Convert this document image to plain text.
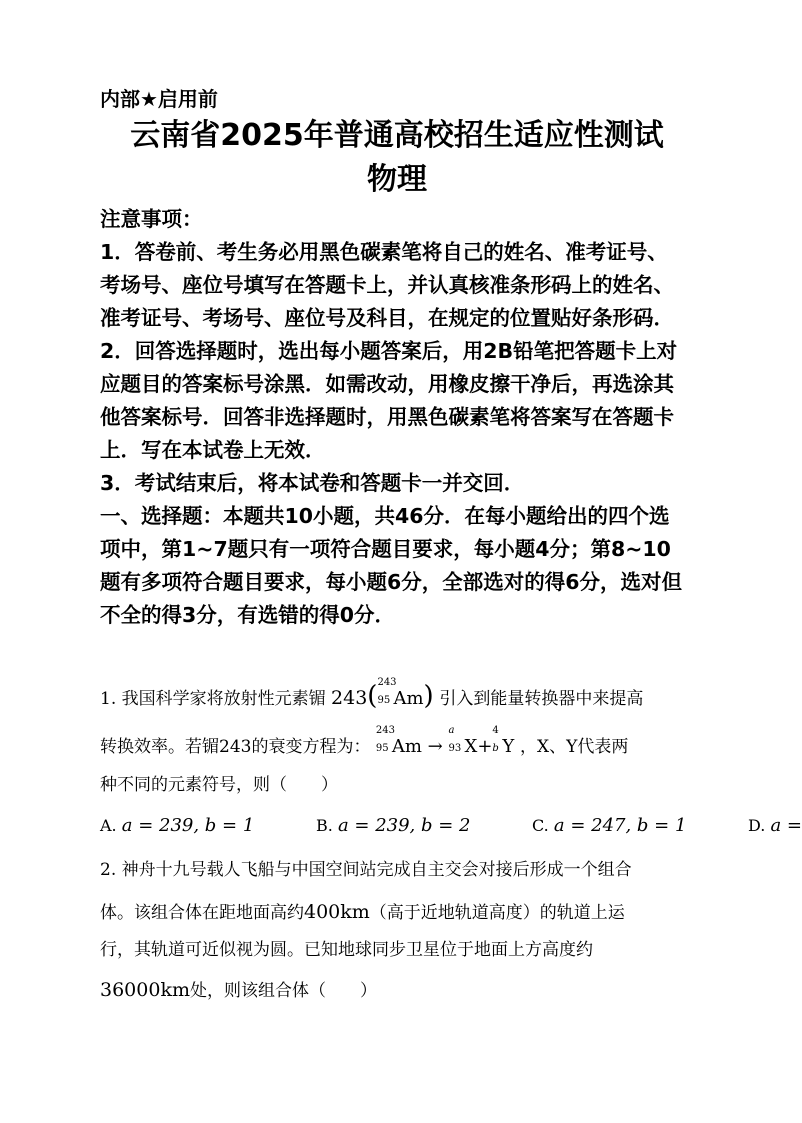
内部★启用前
云南省2025年普通高校招生适应性测试
物理

注意事项：

1．答卷前、考生务必用黑色碳素笔将自己的姓名、准考证号、考场号、座位号填写在答题卡上，并认真核准条形码上的姓名、准考证号、考场号、座位号及科目，在规定的位置贴好条形码．

2．回答选择题时，选出每小题答案后，用2B铅笔把答题卡上对应题目的答案标号涂黑．如需改动，用橡皮擦干净后，再选涂其他答案标号．回答非选择题时，用黑色碳素笔将答案写在答题卡上．写在本试卷上无效．

3．考试结束后，将本试卷和答题卡一并交回．

一、选择题：本题共10小题，共46分．在每小题给出的四个选项中，第1~7题只有一项符合题目要求，每小题4分；第8~10题有多项符合题目要求，每小题6分，全部选对的得6分，选对但不全的得3分，有选错的得0分．

1. 我国科学家将放射性元素镅 243( 243
95 Am) 引入到能量转换器中来提高
转换效率。若镅243的衰变方程为：
243
95 Am →
a
93 X+
4
b Y ，X、Y代表两
种不同的元素符号，则（　　）
A. a = 239, b = 1	B. a = 239, b = 2	C. a = 247, b = 1	D. a =
2. 神舟十九号载人飞船与中国空间站完成自主交会对接后形成一个组合
体。该组合体在距地面高约400km（高于近地轨道高度）的轨道上运
行，其轨道可近似视为圆。已知地球同步卫星位于地面上方高度约
36000km处，则该组合体（　　）
